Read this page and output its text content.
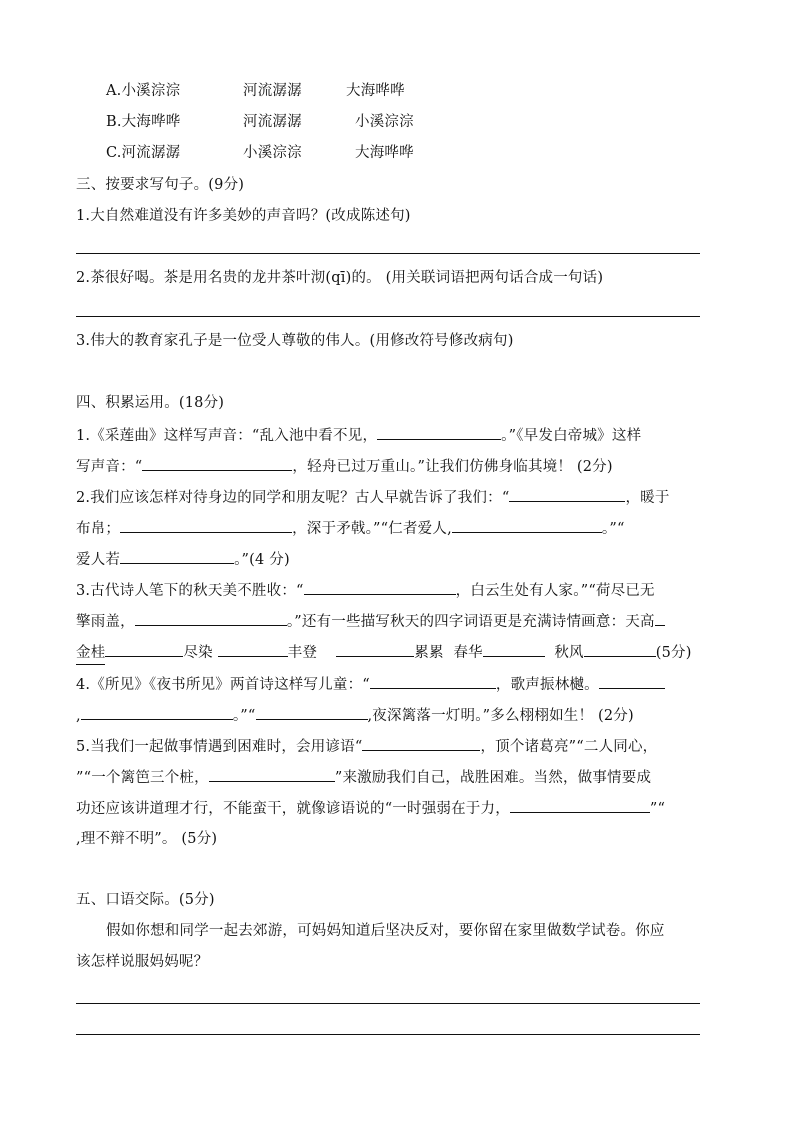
A.小溪淙淙	河流潺潺	大海哗哗
B.大海哗哗	河流潺潺	小溪淙淙
C.河流潺潺	小溪淙淙	大海哗哗
三、按要求写句子。(9分)
1.大自然难道没有许多美妙的声音吗？(改成陈述句)
2.茶很好喝。茶是用名贵的龙井茶叶沏(qī)的。 (用关联词语把两句话合成一句话)
3.伟大的教育家孔子是一位受人尊敬的伟人。(用修改符号修改病句)
四、积累运用。(18分)
1.《采莲曲》这样写声音：“乱入池中看不见，	。”《早发白帝城》这样
写声音：“	，轻舟已过万重山。”让我们仿佛身临其境！ (2分)
2.我们应该怎样对待身边的同学和朋友呢？古人早就告诉了我们：“	，暖于
布帛；	，深于矛戟。”“仁者爱人,	。”“
爱人若	。”(4 分)
3.古代诗人笔下的秋天美不胜收：“	，白云生处有人家。”“荷尽已无
擎雨盖，	。”还有一些描写秋天的四字词语更是充满诗情画意：天高
金桂	尽染	丰登	累累 春华	秋风	(5分)
4.《所见》《夜书所见》两首诗这样写儿童：“	，歌声振林樾。
,	。”“	,夜深篱落一灯明。”多么栩栩如生！ (2分)
5.当我们一起做事情遇到困难时，会用谚语“	，顶个诸葛亮”“二人同心，
”“一个篱笆三个桩，	”来激励我们自己，战胜困难。当然，做事情要成
功还应该讲道理才行，不能蛮干，就像谚语说的“一时强弱在于力，	”“
,理不辩不明”。 (5分)
五、口语交际。(5分)
假如你想和同学一起去郊游，可妈妈知道后坚决反对，要你留在家里做数学试卷。你应
该怎样说服妈妈呢？
